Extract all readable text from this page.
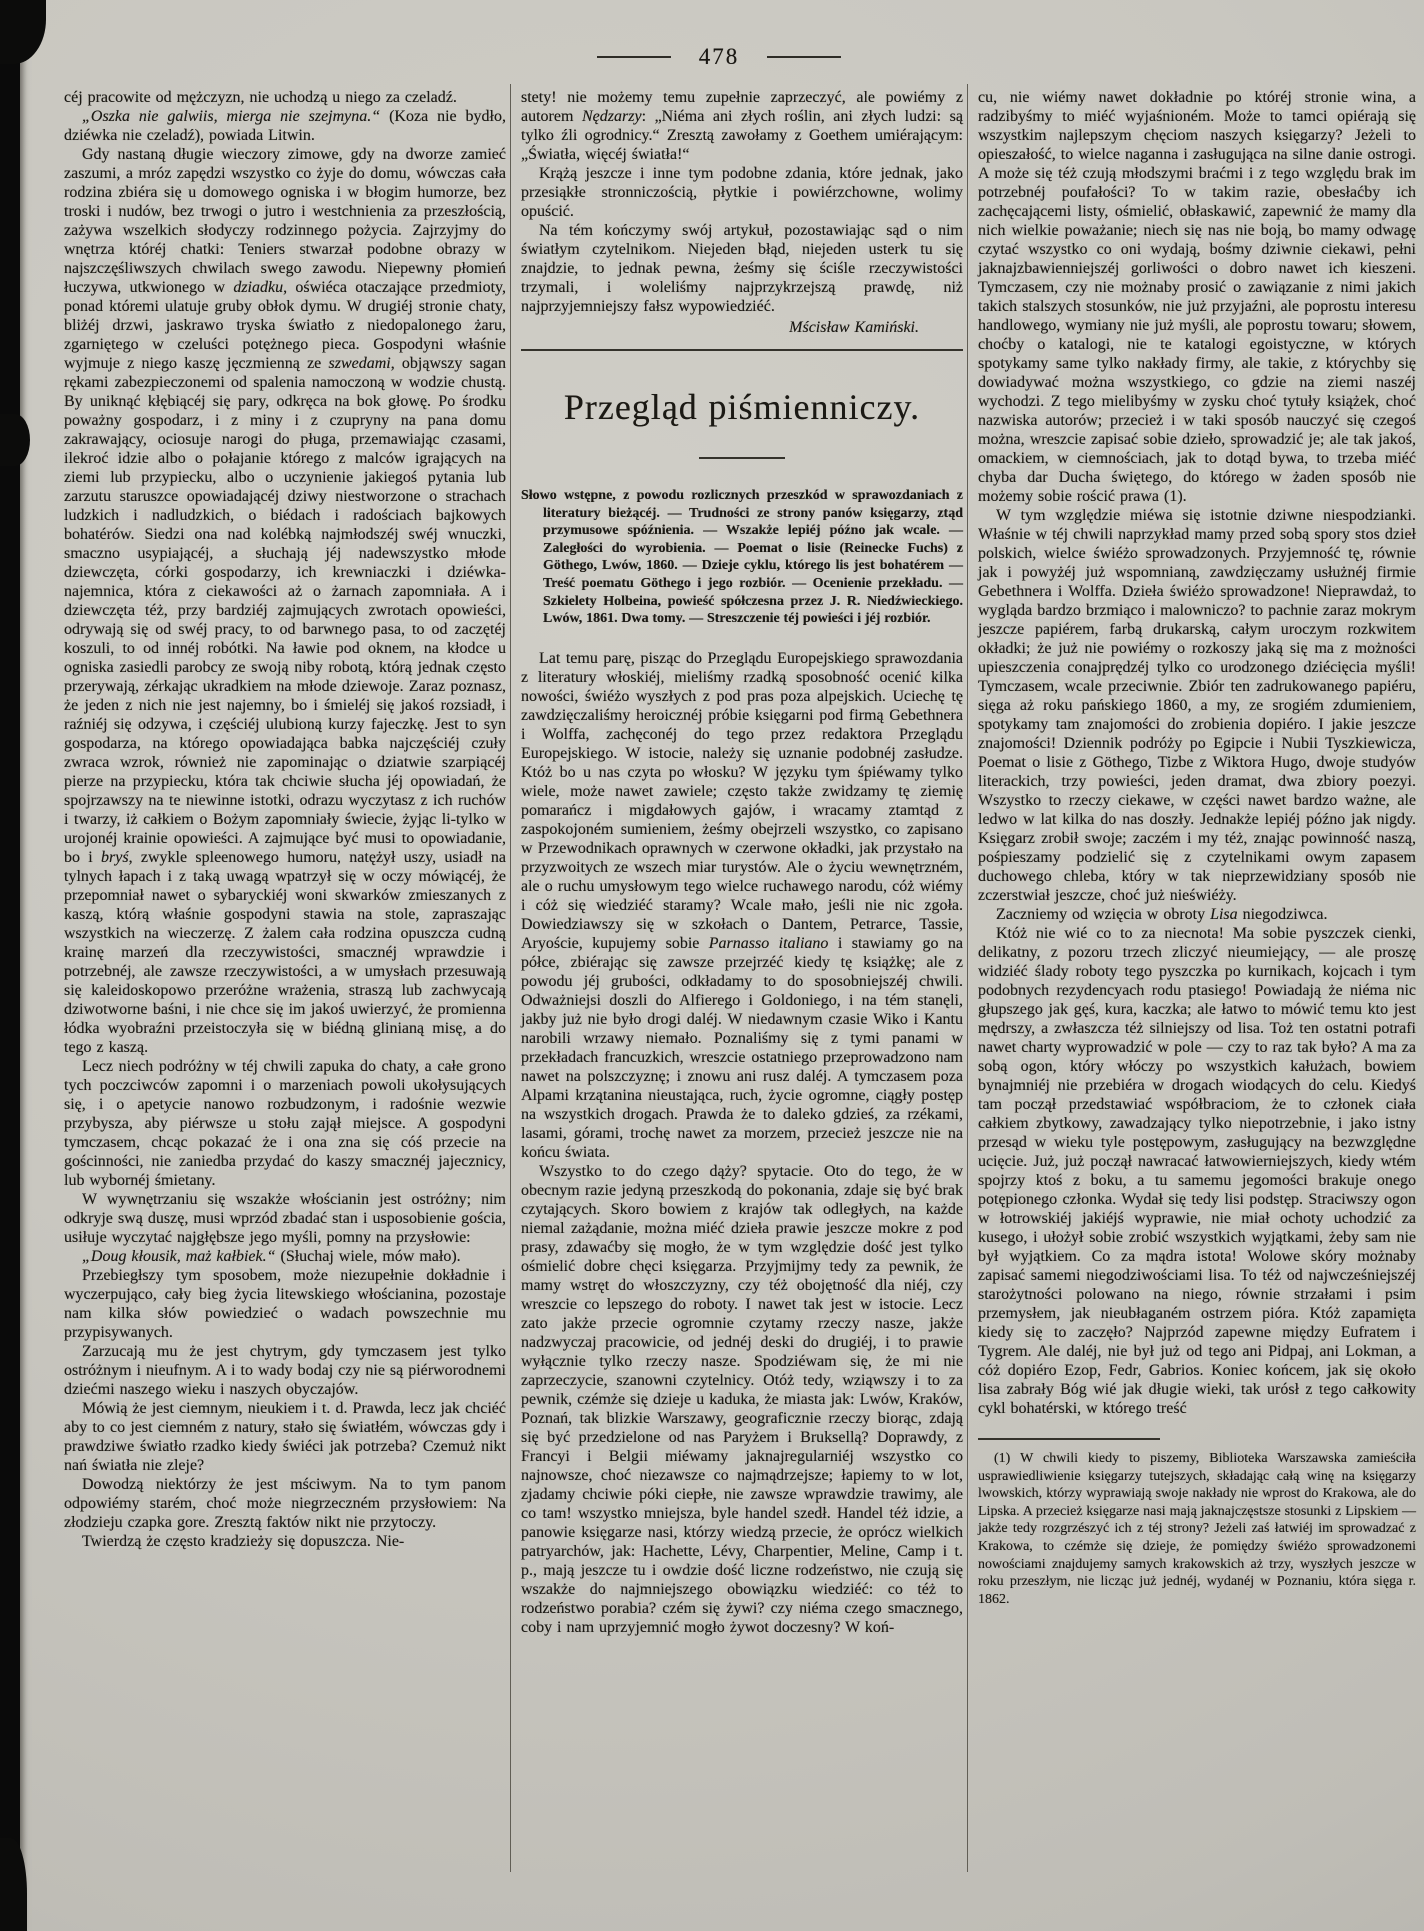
478

céj pracowite od mężczyzn, nie uchodzą u niego za czeladź.

„Oszka nie galwiis, mierga nie szejmyna.“ (Koza nie bydło, dziéwka nie czeladź), powiada Litwin.

Gdy nastaną długie wieczory zimowe, gdy na dworze zamieć zaszumi, a mróz zapędzi wszystko co żyje do domu, wówczas cała rodzina zbiéra się u domowego ogniska i w błogim humorze, bez troski i nudów, bez trwogi o jutro i westchnienia za przeszłością, zażywa wszelkich słodyczy rodzinnego pożycia. Zajrzyjmy do wnętrza któréj chatki: Teniers stwarzał podobne obrazy w najszczęśliwszych chwilach swego zawodu. Niepewny płomień łuczywa, utkwionego w dziadku, oświéca otaczające przedmioty, ponad któremi ulatuje gruby obłok dymu. W drugiéj stronie chaty, bliżéj drzwi, jaskrawo tryska światło z niedopalonego żaru, zgarniętego w czeluści potężnego pieca. Gospodyni właśnie wyjmuje z niego kaszę jęczmienną ze szwedami, objąwszy sagan rękami zabezpieczonemi od spalenia namoczoną w wodzie chustą. By uniknąć kłębiącéj się pary, odkręca na bok głowę. Po środku poważny gospodarz, i z miny i z czupryny na pana domu zakrawający, ociosuje narogi do pługa, przemawiając czasami, ilekroć idzie albo o połajanie którego z malców igrających na ziemi lub przypiecku, albo o uczynienie jakiegoś pytania lub zarzutu staruszce opowiadającéj dziwy niestworzone o strachach ludzkich i nadludzkich, o biédach i radościach bajkowych bohatérów. Siedzi ona nad kolébką najmłodszéj swéj wnuczki, smaczno usypiającéj, a słuchają jéj nadewszystko młode dziewczęta, córki gospodarzy, ich krewniaczki i dziéwka-najemnica, która z ciekawości aż o żarnach zapomniała. A i dziewczęta téż, przy bardziéj zajmujących zwrotach opowieści, odrywają się od swéj pracy, to od barwnego pasa, to od zaczętéj koszuli, to od innéj robótki. Na ławie pod oknem, na kłodce u ogniska zasiedli parobcy ze swoją niby robotą, którą jednak często przerywają, zérkając ukradkiem na młode dziewoje. Zaraz poznasz, że jeden z nich nie jest najemny, bo i śmieléj się jakoś rozsiadł, i raźniéj się odzywa, i częściéj ulubioną kurzy fajeczkę. Jest to syn gospodarza, na którego opowiadająca babka najczęściéj czuły zwraca wzrok, również nie zapominając o dziatwie szarpiącéj pierze na przypiecku, która tak chciwie słucha jéj opowiadań, że spojrzawszy na te niewinne istotki, odrazu wyczytasz z ich ruchów i twarzy, iż całkiem o Bożym zapomniały świecie, żyjąc li-tylko w urojonéj krainie opowieści. A zajmujące być musi to opowiadanie, bo i bryś, zwykle spleenowego humoru, natężył uszy, usiadł na tylnych łapach i z taką uwagą wpatrzył się w oczy mówiącéj, że przepomniał nawet o sybaryckiéj woni skwarków zmieszanych z kaszą, którą właśnie gospodyni stawia na stole, zapraszając wszystkich na wieczerzę. Z żalem cała rodzina opuszcza cudną krainę marzeń dla rzeczywistości, smacznéj wprawdzie i potrzebnéj, ale zawsze rzeczywistości, a w umysłach przesuwają się kaleidoskopowo przeróżne wrażenia, straszą lub zachwycają dziwotworne baśni, i nie chce się im jakoś uwierzyć, że promienna łódka wyobraźni przeistoczyła się w biédną glinianą misę, a do tego z kaszą.

Lecz niech podróżny w téj chwili zapuka do chaty, a całe grono tych poczciwców zapomni i o marzeniach powoli ukołysujących się, i o apetycie nanowo rozbudzonym, i radośnie wezwie przybysza, aby piérwsze u stołu zajął miejsce. A gospodyni tymczasem, chcąc pokazać że i ona zna się cóś przecie na gościnności, nie zaniedba przydać do kaszy smacznéj jajecznicy, lub wybornéj śmietany.

W wywnętrzaniu się wszakże włościanin jest ostróżny; nim odkryje swą duszę, musi wprzód zbadać stan i usposobienie gościa, usiłuje wyczytać najgłębsze jego myśli, pomny na przysłowie:

„Doug kłousik, maż kałbiek.“ (Słuchaj wiele, mów mało).

Przebiegłszy tym sposobem, może niezupełnie dokładnie i wyczerpująco, cały bieg życia litewskiego włościanina, pozostaje nam kilka słów powiedzieć o wadach powszechnie mu przypisywanych.

Zarzucają mu że jest chytrym, gdy tymczasem jest tylko ostróżnym i nieufnym. A i to wady bodaj czy nie są piérworodnemi dziećmi naszego wieku i naszych obyczajów.

Mówią że jest ciemnym, nieukiem i t. d. Prawda, lecz jak chciéć aby to co jest ciemném z natury, stało się światłém, wówczas gdy i prawdziwe światło rzadko kiedy świéci jak potrzeba? Czemuż nikt nań światła nie zleje?

Dowodzą niektórzy że jest mściwym. Na to tym panom odpowiémy starém, choć może niegrzeczném przysłowiem: Na złodzieju czapka gore. Zresztą faktów nikt nie przytoczy.

Twierdzą że często kradzieży się dopuszcza. Nie-

stety! nie możemy temu zupełnie zaprzeczyć, ale powiémy z autorem Nędzarzy: „Niéma ani złych roślin, ani złych ludzi: są tylko źli ogrodnicy.“ Zresztą zawołamy z Goethem umiérającym: „Światła, więcéj światła!“

Krążą jeszcze i inne tym podobne zdania, które jednak, jako przesiąkłe stronniczością, płytkie i powiérzchowne, wolimy opuścić.

Na tém kończymy swój artykuł, pozostawiając sąd o nim światłym czytelnikom. Niejeden błąd, niejeden usterk tu się znajdzie, to jednak pewna, żeśmy się ściśle rzeczywistości trzymali, i woleliśmy najprzykrzejszą prawdę, niż najprzyjemniejszy fałsz wypowiedziéć.

Mścisław Kamiński.

Przegląd piśmienniczy.

Słowo wstępne, z powodu rozlicznych przeszkód w sprawozdaniach z literatury bieżącéj. — Trudności ze strony panów księgarzy, ztąd przymusowe spóźnienia. — Wszakże lepiéj późno jak wcale. — Zaległości do wyrobienia. — Poemat o lisie (Reinecke Fuchs) z Göthego, Lwów, 1860. — Dzieje cyklu, którego lis jest bohatérem — Treść poematu Göthego i jego rozbiór. — Ocenienie przekładu. — Szkielety Holbeina, powieść spółczesna przez J. R. Niedźwieckiego. Lwów, 1861. Dwa tomy. — Streszczenie téj powieści i jéj rozbiór.

Lat temu parę, pisząc do Przeglądu Europejskiego sprawozdania z literatury włoskiéj, mieliśmy rzadką sposobność ocenić kilka nowości, świéżo wyszłych z pod pras poza alpejskich. Uciechę tę zawdzięczaliśmy heroicznéj próbie księgarni pod firmą Gebethnera i Wolffa, zachęconéj do tego przez redaktora Przeglądu Europejskiego. W istocie, należy się uznanie podobnéj zasłudze. Któż bo u nas czyta po włosku? W języku tym śpiéwamy tylko wiele, może nawet zawiele; często także zwidzamy tę ziemię pomarańcz i migdałowych gajów, i wracamy ztamtąd z zaspokojoném sumieniem, żeśmy obejrzeli wszystko, co zapisano w Przewodnikach oprawnych w czerwone okładki, jak przystało na przyzwoitych ze wszech miar turystów. Ale o życiu wewnętrzném, ale o ruchu umysłowym tego wielce ruchawego narodu, cóż wiémy i cóż się wiedziéć staramy? Wcale mało, jeśli nie nic zgoła. Dowiedziawszy się w szkołach o Dantem, Petrarce, Tassie, Aryoście, kupujemy sobie Parnasso italiano i stawiamy go na półce, zbiérając się zawsze przejrzéć kiedy tę książkę; ale z powodu jéj grubości, odkładamy to do sposobniejszéj chwili. Odważniejsi doszli do Alfierego i Goldoniego, i na tém stanęli, jakby już nie było drogi daléj. W niedawnym czasie Wiko i Kantu narobili wrzawy niemało. Poznaliśmy się z tymi panami w przekładach francuzkich, wreszcie ostatniego przeprowadzono nam nawet na polszczyznę; i znowu ani rusz daléj. A tymczasem poza Alpami krzątanina nieustająca, ruch, życie ogromne, ciągły postęp na wszystkich drogach. Prawda że to daleko gdzieś, za rzékami, lasami, górami, trochę nawet za morzem, przecież jeszcze nie na końcu świata.

Wszystko to do czego dąży? spytacie. Oto do tego, że w obecnym razie jedyną przeszkodą do pokonania, zdaje się być brak czytających. Skoro bowiem z krajów tak odległych, na każde niemal zażądanie, można miéć dzieła prawie jeszcze mokre z pod prasy, zdawaćby się mogło, że w tym względzie dość jest tylko ośmielić dobre chęci księgarza. Przyjmijmy tedy za pewnik, że mamy wstręt do włoszczyzny, czy téż obojętność dla niéj, czy wreszcie co lepszego do roboty. I nawet tak jest w istocie. Lecz zato jakże przecie ogromnie czytamy rzeczy nasze, jakże nadzwyczaj pracowicie, od jednéj deski do drugiéj, i to prawie wyłącznie tylko rzeczy nasze. Spodziéwam się, że mi nie zaprzeczycie, szanowni czytelnicy. Otóż tedy, wziąwszy i to za pewnik, czémże się dzieje u kaduka, że miasta jak: Lwów, Kraków, Poznań, tak blizkie Warszawy, geograficznie rzeczy biorąc, zdają się być przedzielone od nas Paryżem i Bruksellą? Doprawdy, z Francyi i Belgii miéwamy jaknajregularniéj wszystko co najnowsze, choć niezawsze co najmądrzejsze; łapiemy to w lot, zjadamy chciwie póki ciepłe, nie zawsze wprawdzie trawimy, ale co tam! wszystko mniejsza, byle handel szedł. Handel téż idzie, a panowie księgarze nasi, którzy wiedzą przecie, że oprócz wielkich patryarchów, jak: Hachette, Lévy, Charpentier, Meline, Camp i t. p., mają jeszcze tu i owdzie dość liczne rodzeństwo, nie czują się wszakże do najmniejszego obowiązku wiedziéć: co téż to rodzeństwo porabia? czém się żywi? czy niéma czego smacznego, coby i nam uprzyjemnić mogło żywot doczesny? W koń-

cu, nie wiémy nawet dokładnie po któréj stronie wina, a radzibyśmy to miéć wyjaśnioném. Może to tamci opiérają się wszystkim najlepszym chęciom naszych księgarzy? Jeżeli to opieszałość, to wielce naganna i zasługująca na silne danie ostrogi. A może się téż czują młodszymi braćmi i z tego względu brak im potrzebnéj poufałości? To w takim razie, obesłaćby ich zachęcającemi listy, ośmielić, obłaskawić, zapewnić że mamy dla nich wielkie poważanie; niech się nas nie boją, bo mamy odwagę czytać wszystko co oni wydają, bośmy dziwnie ciekawi, pełni jaknajzbawienniejszéj gorliwości o dobro nawet ich kieszeni. Tymczasem, czy nie możnaby prosić o zawiązanie z nimi jakich takich stalszych stosunków, nie już przyjaźni, ale poprostu interesu handlowego, wymiany nie już myśli, ale poprostu towaru; słowem, choćby o katalogi, nie te katalogi egoistyczne, w których spotykamy same tylko nakłady firmy, ale takie, z którychby się dowiadywać można wszystkiego, co gdzie na ziemi naszéj wychodzi. Z tego mielibyśmy w zysku choć tytuły książek, choć nazwiska autorów; przecież i w taki sposób nauczyć się czegoś można, wreszcie zapisać sobie dzieło, sprowadzić je; ale tak jakoś, omackiem, w ciemnościach, jak to dotąd bywa, to trzeba miéć chyba dar Ducha świętego, do którego w żaden sposób nie możemy sobie rościć prawa (1).

W tym względzie miéwa się istotnie dziwne niespodzianki. Właśnie w téj chwili naprzykład mamy przed sobą spory stos dzieł polskich, wielce świéżo sprowadzonych. Przyjemność tę, równie jak i powyżéj już wspomnianą, zawdzięczamy usłużnéj firmie Gebethnera i Wolffa. Dzieła świéżo sprowadzone! Nieprawdaż, to wygląda bardzo brzmiąco i malowniczo? to pachnie zaraz mokrym jeszcze papiérem, farbą drukarską, całym uroczym rozkwitem okładki; że już nie powiémy o rozkoszy jaką się ma z możności upieszczenia conajprędzéj tylko co urodzonego dziécięcia myśli! Tymczasem, wcale przeciwnie. Zbiór ten zadrukowanego papiéru, sięga aż roku pańskiego 1860, a my, ze srogiém zdumieniem, spotykamy tam znajomości do zrobienia dopiéro. I jakie jeszcze znajomości! Dziennik podróży po Egipcie i Nubii Tyszkiewicza, Poemat o lisie z Göthego, Tizbe z Wiktora Hugo, dwoje studyów literackich, trzy powieści, jeden dramat, dwa zbiory poezyi. Wszystko to rzeczy ciekawe, w części nawet bardzo ważne, ale ledwo w lat kilka do nas doszły. Jednakże lepiéj późno jak nigdy. Księgarz zrobił swoje; zaczém i my téż, znając powinność naszą, pośpieszamy podzielić się z czytelnikami owym zapasem duchowego chleba, który w tak nieprzewidziany sposób nie zczerstwiał jeszcze, choć już nieświéży.

Zaczniemy od wzięcia w obroty Lisa niegodziwca.

Któż nie wié co to za niecnota! Ma sobie pyszczek cienki, delikatny, z pozoru trzech zliczyć nieumiejący, — ale proszę widziéć ślady roboty tego pyszczka po kurnikach, kojcach i tym podobnych rezydencyach rodu ptasiego! Powiadają że niéma nic głupszego jak gęś, kura, kaczka; ale łatwo to mówić temu kto jest mędrszy, a zwłaszcza téż silniejszy od lisa. Toż ten ostatni potrafi nawet charty wyprowadzić w pole — czy to raz tak było? A ma za sobą ogon, który włóczy po wszystkich kałużach, bowiem bynajmniéj nie przebiéra w drogach wiodących do celu. Kiedyś tam począł przedstawiać współbraciom, że to członek ciała całkiem zbytkowy, zawadzający tylko niepotrzebnie, i jako istny przesąd w wieku tyle postępowym, zasługujący na bezwzględne ucięcie. Już, już począł nawracać łatwowierniejszych, kiedy wtém spojrzy ktoś z boku, a tu samemu jegomości brakuje onego potępionego członka. Wydał się tedy lisi podstęp. Straciwszy ogon w łotrowskiéj jakiéjś wyprawie, nie miał ochoty uchodzić za kusego, i ułożył sobie zrobić wszystkich wyjątkami, żeby sam nie był wyjątkiem. Co za mądra istota! Wolowe skóry możnaby zapisać samemi niegodziwościami lisa. To téż od najwcześniejszéj starożytności polowano na niego, równie strzałami i psim przemysłem, jak nieubłaganém ostrzem pióra. Któż zapamięta kiedy się to zaczęło? Najprzód zapewne między Eufratem i Tygrem. Ale daléj, nie był już od tego ani Pidpaj, ani Lokman, a cóż dopiéro Ezop, Fedr, Gabrios. Koniec końcem, jak się około lisa zabrały Bóg wié jak długie wieki, tak urósł z tego całkowity cykl bohatérski, w którego treść

(1) W chwili kiedy to piszemy, Biblioteka Warszawska zamieściła usprawiedliwienie księgarzy tutejszych, składając całą winę na księgarzy lwowskich, którzy wyprawiają swoje nakłady nie wprost do Krakowa, ale do Lipska. A przecież księgarze nasi mają jaknajczęstsze stosunki z Lipskiem — jakże tedy rozgrzészyć ich z téj strony? Jeżeli zaś łatwiéj im sprowadzać z Krakowa, to czémże się dzieje, że pomiędzy świéżo sprowadzonemi nowościami znajdujemy samych krakowskich aż trzy, wyszłych jeszcze w roku przeszłym, nie licząc już jednéj, wydanéj w Poznaniu, która sięga r. 1862.
